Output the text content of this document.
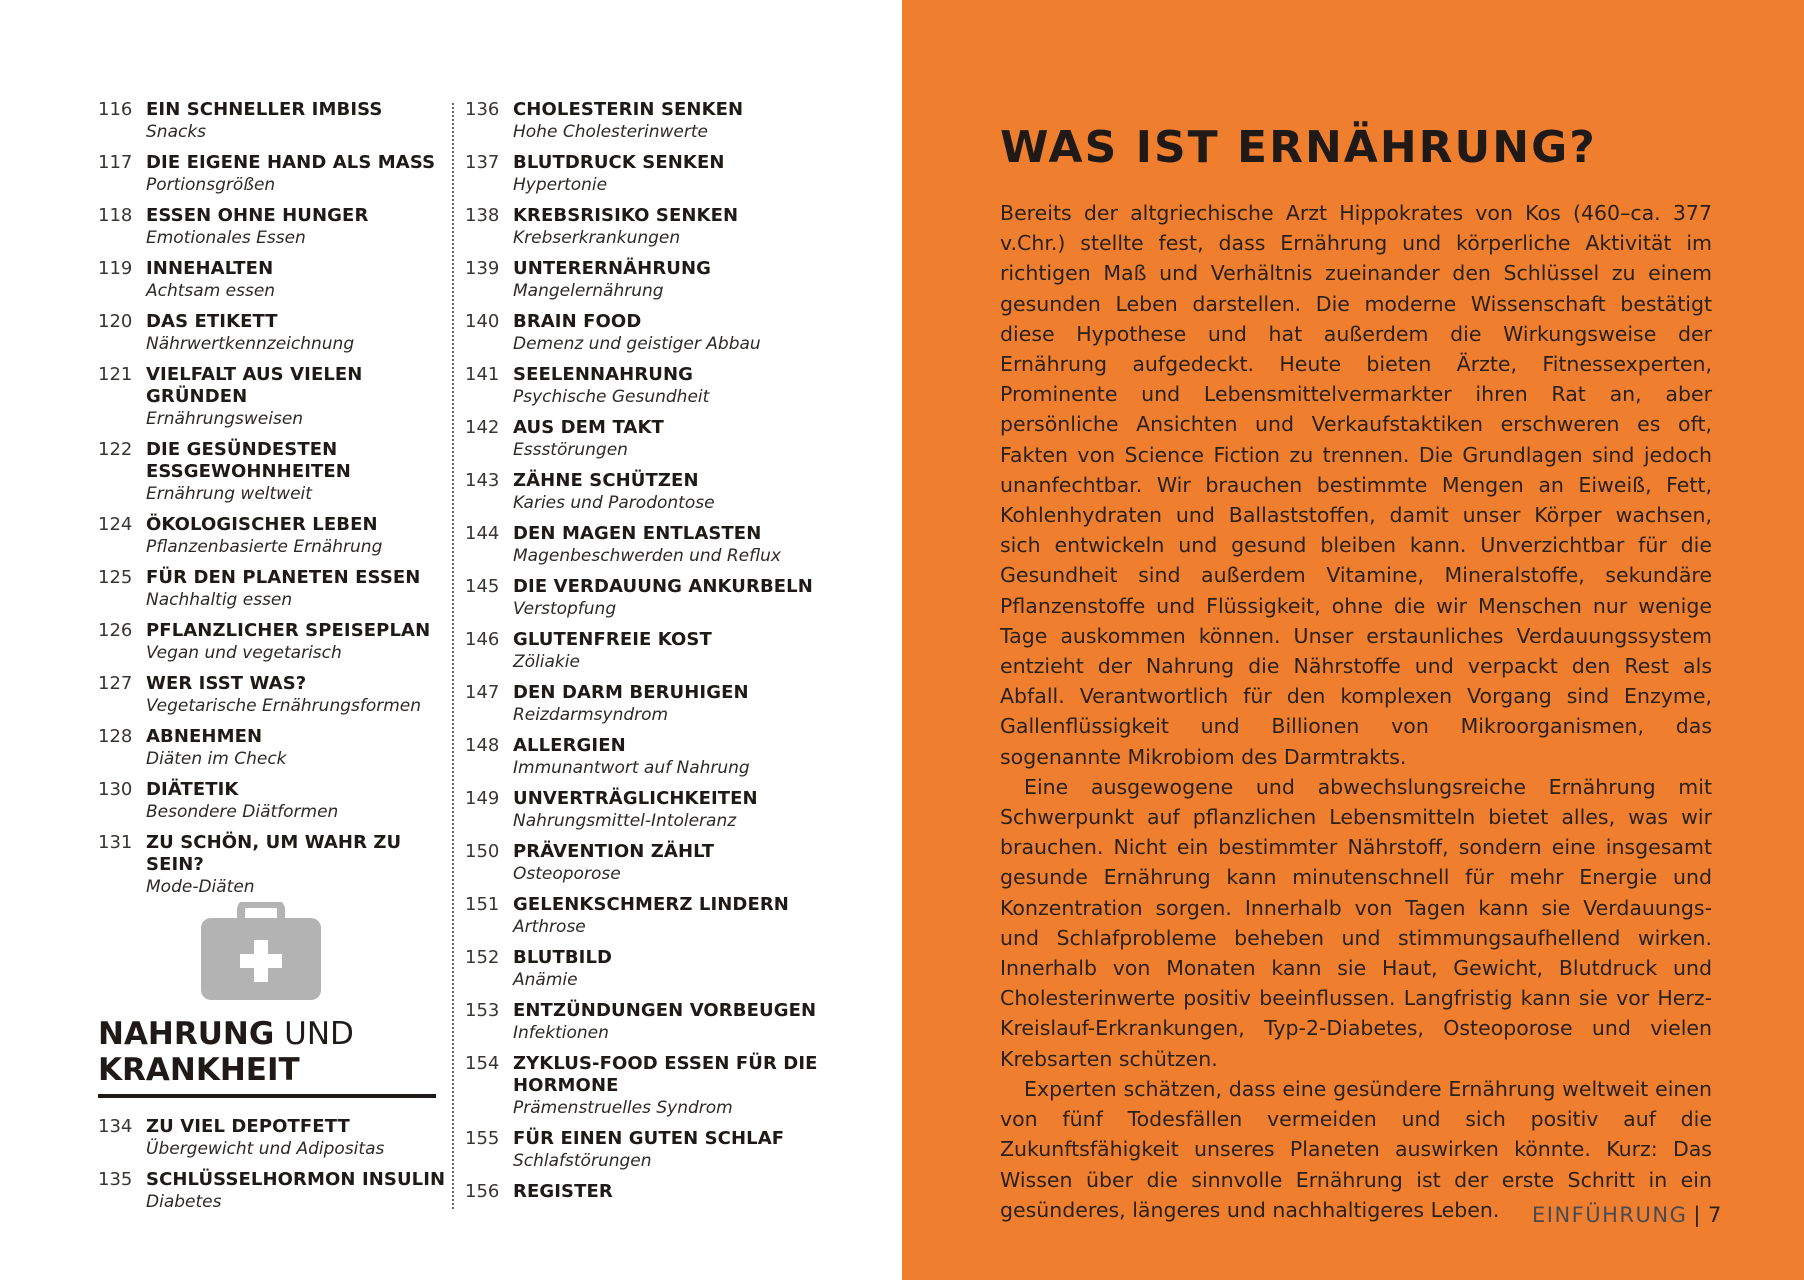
116 EIN SCHNELLER IMBISS
Snacks
117 DIE EIGENE HAND ALS MASS
Portionsgrößen
118 ESSEN OHNE HUNGER
Emotionales Essen
119 INNEHALTEN
Achtsam essen
120 DAS ETIKETT
Nährwertkennzeichnung
121 VIELFALT AUS VIELEN GRÜNDEN
Ernährungsweisen
122 DIE GESÜNDESTEN ESSGEWOHNHEITEN
Ernährung weltweit
124 ÖKOLOGISCHER LEBEN
Pflanzenbasierte Ernährung
125 FÜR DEN PLANETEN ESSEN
Nachhaltig essen
126 PFLANZLICHER SPEISEPLAN
Vegan und vegetarisch
127 WER ISST WAS?
Vegetarische Ernährungsformen
128 ABNEHMEN
Diäten im Check
130 DIÄTETIK
Besondere Diätformen
131 ZU SCHÖN, UM WAHR ZU SEIN?
Mode-Diäten
136 CHOLESTERIN SENKEN
Hohe Cholesterinwerte
137 BLUTDRUCK SENKEN
Hypertonie
138 KREBSRISIKO SENKEN
Krebserkrankungen
139 UNTERERNÄHRUNG
Mangelernährung
140 BRAIN FOOD
Demenz und geistiger Abbau
141 SEELENNAHRUNG
Psychische Gesundheit
142 AUS DEM TAKT
Essstörungen
143 ZÄHNE SCHÜTZEN
Karies und Parodontose
144 DEN MAGEN ENTLASTEN
Magenbeschwerden und Reflux
145 DIE VERDAUUNG ANKURBELN
Verstopfung
146 GLUTENFREIE KOST
Zöliakie
147 DEN DARM BERUHIGEN
Reizdarmsyndrom
148 ALLERGIEN
Immunantwort auf Nahrung
149 UNVERTRÄGLICHKEITEN
Nahrungsmittel-Intoleranz
150 PRÄVENTION ZÄHLT
Osteoporose
151 GELENKSCHMERZ LINDERN
Arthrose
152 BLUTBILD
Anämie
153 ENTZÜNDUNGEN VORBEUGEN
Infektionen
154 ZYKLUS-FOOD ESSEN FÜR DIE HORMONE
Prämenstruelles Syndrom
155 FÜR EINEN GUTEN SCHLAF
Schlafstörungen
156 REGISTER
NAHRUNG UND
KRANKHEIT
134 ZU VIEL DEPOTFETT
Übergewicht und Adipositas
135 SCHLÜSSELHORMON INSULIN
Diabetes
WAS IST ERNÄHRUNG?

Bereits der altgriechische Arzt Hippokrates von Kos (460–ca. 377 v.Chr.) stellte fest, dass Ernährung und körperliche Aktivität im richtigen Maß und Verhältnis zueinander den Schlüssel zu einem gesunden Leben darstellen. Die moderne Wissenschaft bestätigt diese Hypothese und hat außerdem die Wirkungsweise der Ernährung aufgedeckt. Heute bieten Ärzte, Fitnessexperten, Prominente und Lebensmittelvermarkter ihren Rat an, aber persönliche Ansichten und Verkaufstaktiken erschweren es oft, Fakten von Science Fiction zu trennen. Die Grundlagen sind jedoch unanfechtbar. Wir brauchen bestimmte Mengen an Eiweiß, Fett, Kohlenhydraten und Ballaststoffen, damit unser Körper wachsen, sich entwickeln und gesund bleiben kann. Unverzichtbar für die Gesundheit sind außerdem Vitamine, Mineralstoffe, sekundäre Pflanzenstoffe und Flüssigkeit, ohne die wir Menschen nur wenige Tage auskommen können. Unser erstaunliches Verdauungssystem entzieht der Nahrung die Nährstoffe und verpackt den Rest als Abfall. Verantwortlich für den komplexen Vorgang sind Enzyme, Gallenflüssigkeit und Billionen von Mikroorganismen, das sogenannte Mikrobiom des Darmtrakts.

Eine ausgewogene und abwechslungsreiche Ernährung mit Schwerpunkt auf pflanzlichen Lebensmitteln bietet alles, was wir brauchen. Nicht ein bestimmter Nährstoff, sondern eine insgesamt gesunde Ernährung kann minutenschnell für mehr Energie und Konzentration sorgen. Innerhalb von Tagen kann sie Verdauungs- und Schlafprobleme beheben und stimmungsaufhellend wirken. Innerhalb von Monaten kann sie Haut, Gewicht, Blutdruck und Cholesterinwerte positiv beeinflussen. Langfristig kann sie vor Herz-Kreislauf-Erkrankungen, Typ-2-Diabetes, Osteoporose und vielen Krebsarten schützen.

Experten schätzen, dass eine gesündere Ernährung weltweit einen von fünf Todesfällen vermeiden und sich positiv auf die Zukunftsfähigkeit unseres Planeten auswirken könnte. Kurz: Das Wissen über die sinnvolle Ernährung ist der erste Schritt in ein gesünderes, längeres und nachhaltigeres Leben.	EINFÜHRUNG | 7
